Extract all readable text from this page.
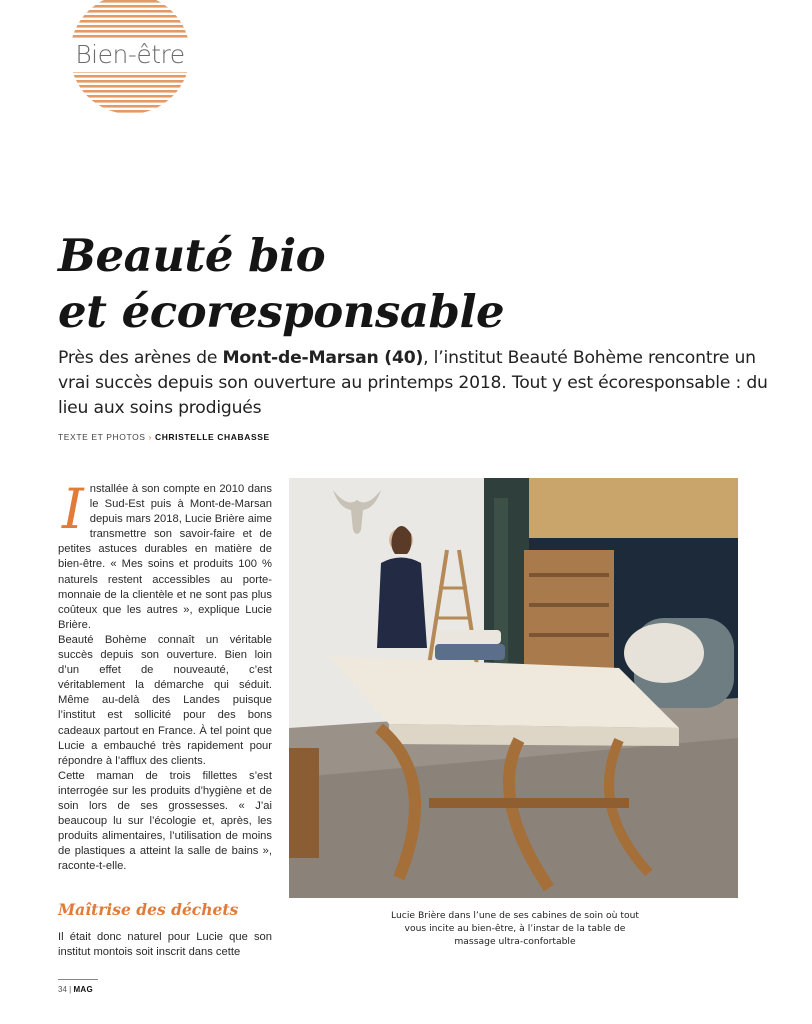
Bien-être
Beauté bio
et écoresponsable

Près des arènes de Mont-de-Marsan (40), l’institut Beauté Bohème rencontre un vrai succès depuis son ouverture au printemps 2018. Tout y est écoresponsable : du lieu aux soins prodigués

TEXTE ET PHOTOS › CHRISTELLE CHABASSE
I nstallée à son compte en 2010 dans le Sud-Est puis à Mont-de-Marsan depuis mars 2018, Lucie Brière aime transmettre son savoir-faire et de petites astuces durables en matière de bien-être. « Mes soins et produits 100 % naturels restent accessibles au porte-monnaie de la clientèle et ne sont pas plus coûteux que les autres », explique Lucie Brière.

Beauté Bohème connaît un véritable succès depuis son ouverture. Bien loin d’un effet de nouveauté, c’est véritablement la démarche qui séduit. Même au-delà des Landes puisque l’institut est sollicité pour des bons cadeaux partout en France. À tel point que Lucie a embauché très rapidement pour répondre à l’afflux des clients.

Cette maman de trois fillettes s’est interrogée sur les produits d’hygiène et de soin lors de ses grossesses. « J’ai beaucoup lu sur l’écologie et, après, les produits alimentaires, l’utilisation de moins de plastiques a atteint la salle de bains », raconte-t-elle.

Maîtrise des déchets

Il était donc naturel pour Lucie que son institut montois soit inscrit dans cette

Lucie Brière dans l’une de ses cabines de soin où tout vous incite au bien-être, à l’instar de la table de massage ultra-confortable

34 | MAG
